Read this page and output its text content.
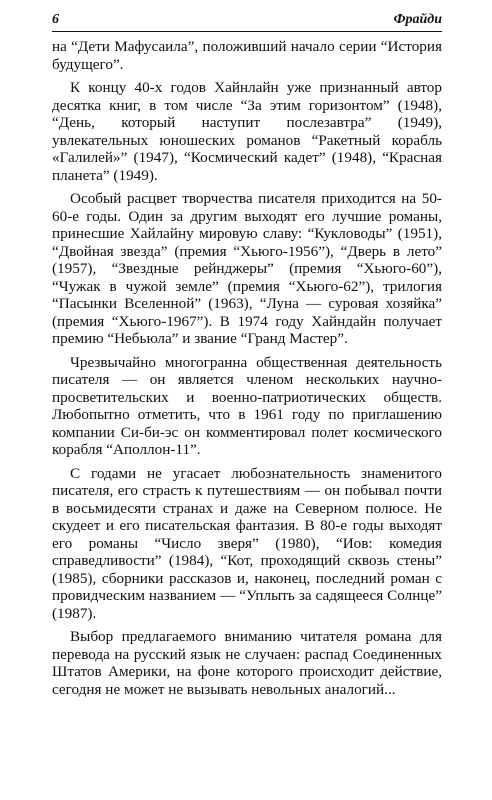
6	Фрайди

на “Дети Мафусаила”, положивший начало серии “История будущего”.

К концу 40-х годов Хайнлайн уже признанный автор десятка книг, в том числе “За этим горизонтом” (1948), “День, который наступит послезавтра” (1949), увлекательных юношеских романов “Ракетный корабль «Галилей»” (1947), “Космический кадет” (1948), “Красная планета” (1949).

Особый расцвет творчества писателя приходится на 50-60-е годы. Один за другим выходят его лучшие романы, принесшие Хайлайну мировую славу: “Кукловоды” (1951), “Двойная звезда” (премия “Хьюго-1956”), “Дверь в лето” (1957), “Звездные рейнджеры” (премия “Хьюго-60”), “Чужак в чужой земле” (премия “Хьюго-62”), трилогия “Пасынки Вселенной” (1963), “Луна — суровая хозяйка” (премия “Хьюго-1967”). В 1974 году Хайндайн получает премию “Небьюла” и звание “Гранд Мастер”.

Чрезвычайно многогранна общественная деятельность писателя — он является членом нескольких научно-просветительских и военно-патриотических обществ. Любопытно отметить, что в 1961 году по приглашению компании Си-би-эс он комментировал полет космического корабля “Аполлон-11”.

С годами не угасает любознательность знаменитого писателя, его страсть к путешествиям — он побывал почти в восьмидесяти странах и даже на Северном полюсе. Не скудеет и его писательская фантазия. В 80-е годы выходят его романы “Число зверя” (1980), “Иов: комедия справедливости” (1984), “Кот, проходящий сквозь стены” (1985), сборники рассказов и, наконец, последний роман с провидческим названием — “Уплыть за садящееся Солнце” (1987).

Выбор предлагаемого вниманию читателя романа для перевода на русский язык не случаен: распад Соединенных Штатов Америки, на фоне которого происходит действие, сегодня не может не вызывать невольных аналогий...
